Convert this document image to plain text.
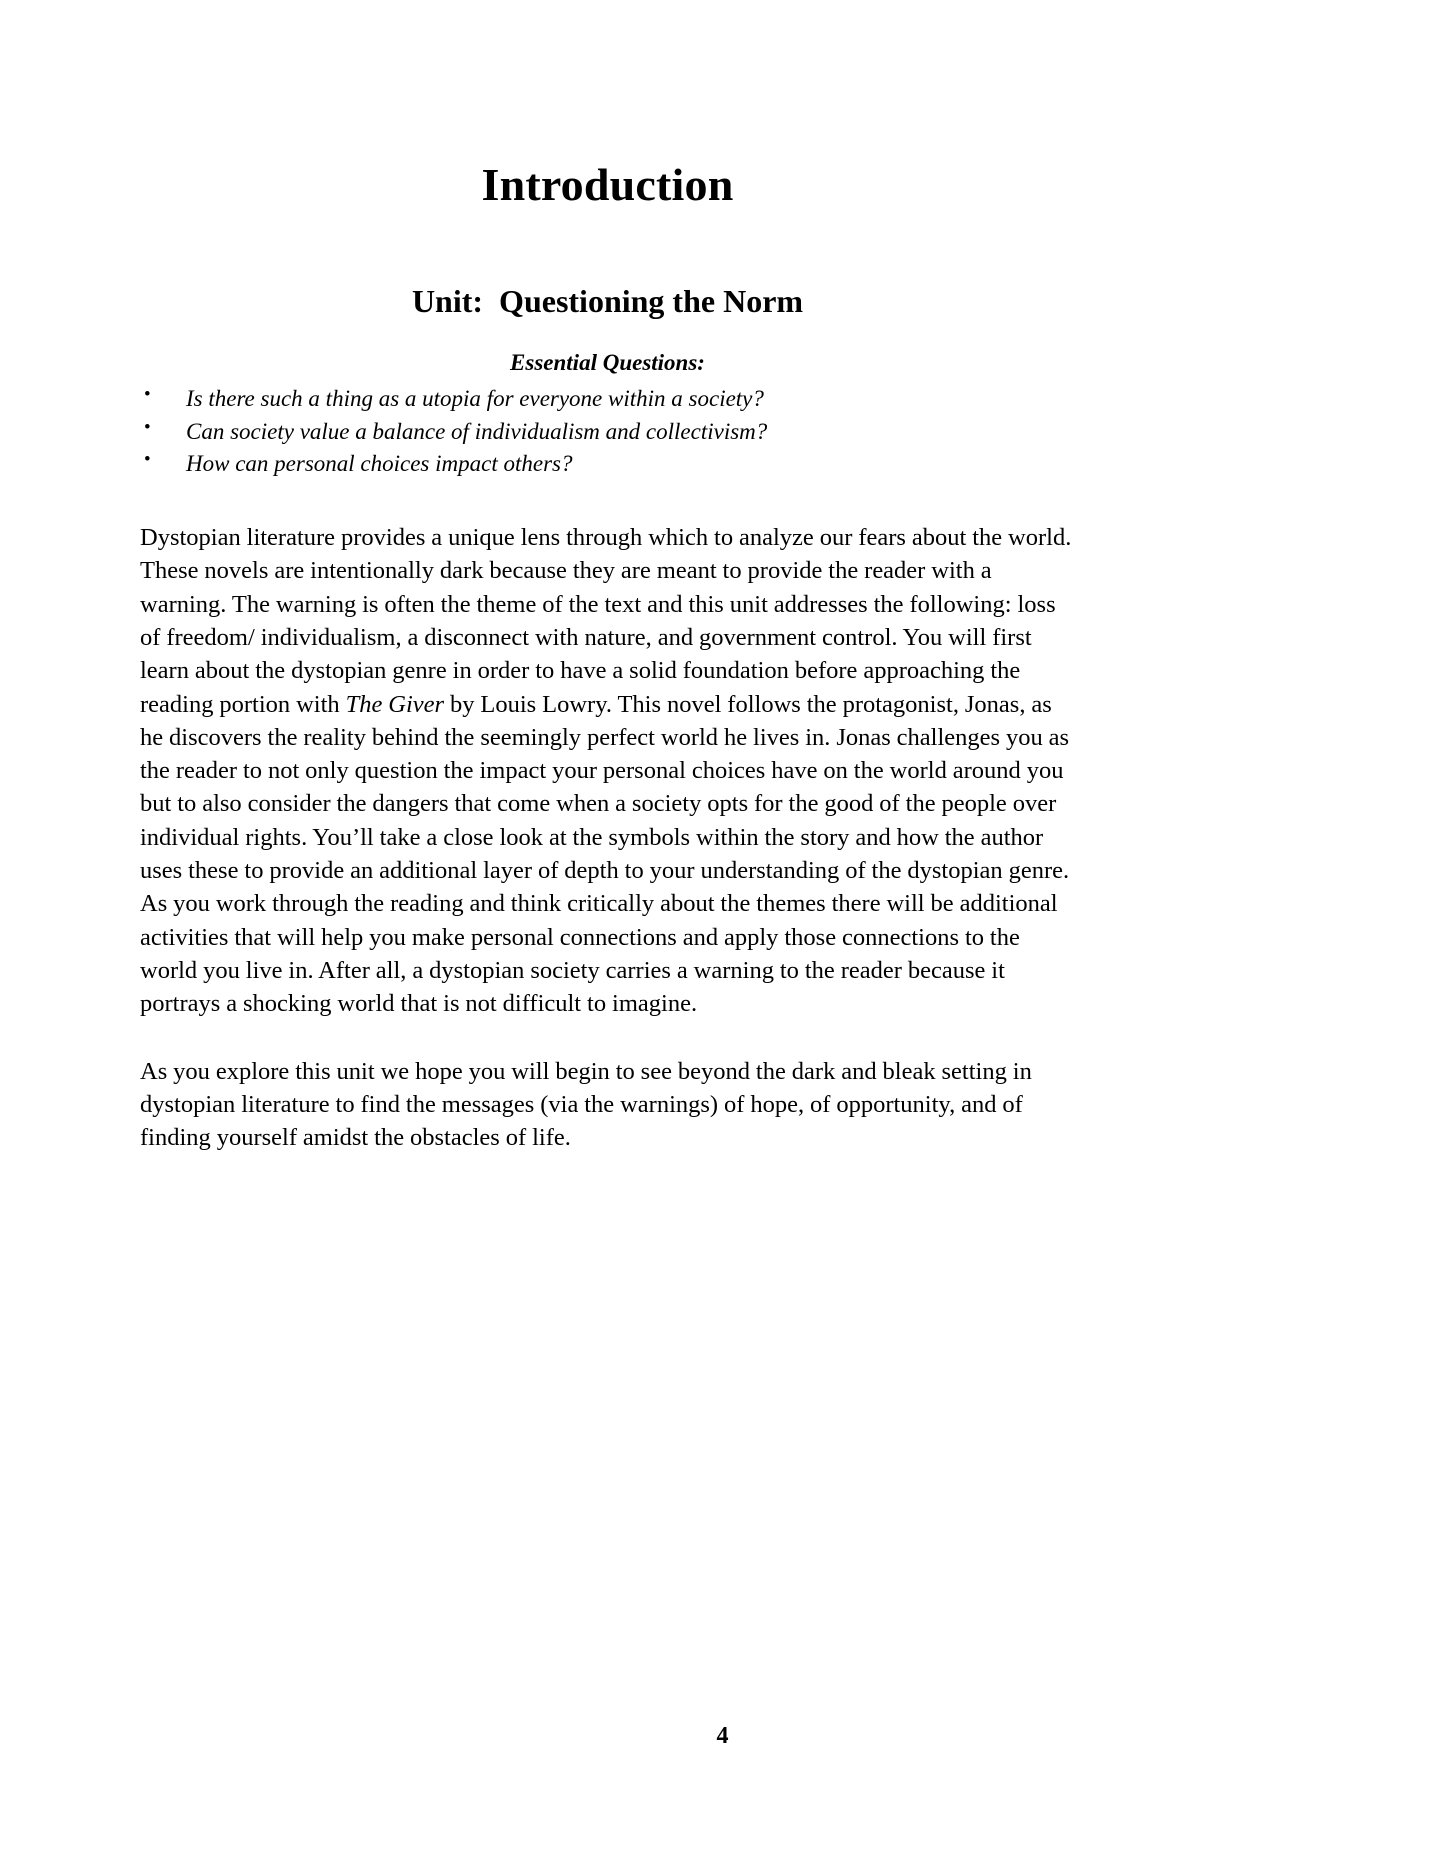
Introduction
Unit:  Questioning the Norm
Essential Questions:
• Is there such a thing as a utopia for everyone within a society?
• Can society value a balance of individualism and collectivism?
• How can personal choices impact others?

Dystopian literature provides a unique lens through which to analyze our fears about the world. These novels are intentionally dark because they are meant to provide the reader with a warning. The warning is often the theme of the text and this unit addresses the following: loss of freedom/ individualism, a disconnect with nature, and government control. You will first learn about the dystopian genre in order to have a solid foundation before approaching the reading portion with The Giver by Louis Lowry. This novel follows the protagonist, Jonas, as he discovers the reality behind the seemingly perfect world he lives in. Jonas challenges you as the reader to not only question the impact your personal choices have on the world around you but to also consider the dangers that come when a society opts for the good of the people over individual rights. You’ll take a close look at the symbols within the story and how the author uses these to provide an additional layer of depth to your understanding of the dystopian genre. As you work through the reading and think critically about the themes there will be additional activities that will help you make personal connections and apply those connections to the world you live in. After all, a dystopian society carries a warning to the reader because it portrays a shocking world that is not difficult to imagine.

As you explore this unit we hope you will begin to see beyond the dark and bleak setting in dystopian literature to find the messages (via the warnings) of hope, of opportunity, and of finding yourself amidst the obstacles of life.

4
